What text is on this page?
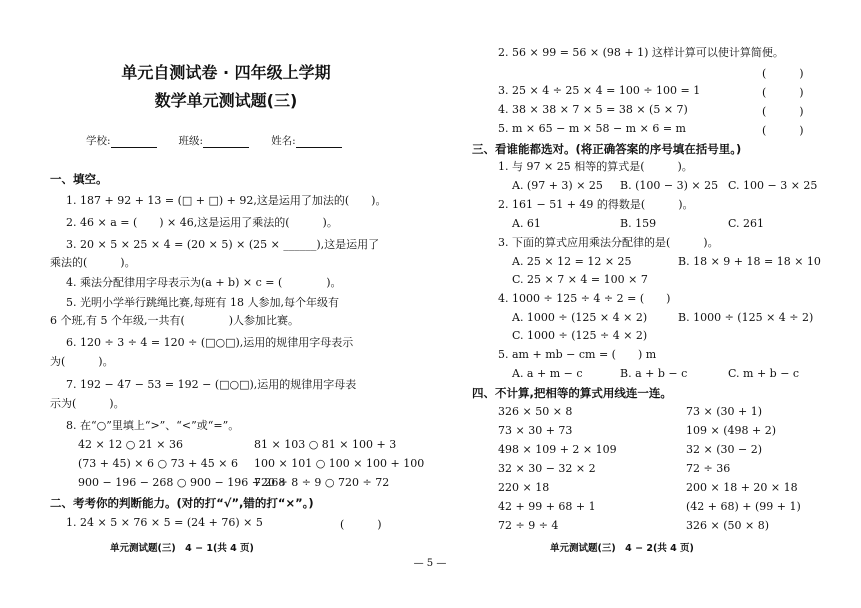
单元自测试卷 · 四年级上学期
数学单元测试题(三)
学校:	班级:	姓名:
一、填空。
1. 187 + 92 + 13 = (□ + □) + 92,这是运用了加法的(　　)。
2. 46 × a = (　　) × 46,这是运用了乘法的(　　　)。
3. 20 × 5 × 25 × 4 = (20 × 5) × (25 × ______),这是运用了
乘法的(　　　)。
4. 乘法分配律用字母表示为(a + b) × c = (　　　　)。
5. 光明小学举行跳绳比赛,每班有 18 人参加,每个年级有
6 个班,有 5 个年级,一共有(　　　　)人参加比赛。
6. 120 ÷ 3 ÷ 4 = 120 ÷ (□○□),运用的规律用字母表示
为(　　　)。
7. 192 − 47 − 53 = 192 − (□○□),运用的规律用字母表
示为(　　　)。
8. 在“○”里填上“>”、“<”或“=”。
42 × 12 ○ 21 × 36	81 × 103 ○ 81 × 100 + 3
(73 + 45) × 6 ○ 73 + 45 × 6 100 × 101 ○ 100 × 100 + 100
900 − 196 − 268 ○ 900 − 196 + 268
720 ÷ 8 ÷ 9 ○ 720 ÷ 72
二、考考你的判断能力。(对的打“√”,错的打“×”。)
1. 24 × 5 × 76 × 5 = (24 + 76) × 5	(　　　)
单元测试题(三)　4 − 1(共 4 页)
— 5 —
2. 56 × 99 = 56 × (98 + 1) 这样计算可以使计算简便。
(　　　)
3. 25 × 4 ÷ 25 × 4 = 100 ÷ 100 = 1	(　　　)
4. 38 × 38 × 7 × 5 = 38 × (5 × 7)	(　　　)
5. m × 65 − m × 58 − m × 6 = m	(　　　)
三、看谁能都选对。(将正确答案的序号填在括号里。)
1. 与 97 × 25 相等的算式是(　　　)。
A. (97 + 3) × 25 B. (100 − 3) × 25 C. 100 − 3 × 25
2. 161 − 51 + 49 的得数是(　　　)。
A. 61	B. 159	C. 261
3. 下面的算式应用乘法分配律的是(　　　)。
A. 25 × 12 = 12 × 25	B. 18 × 9 + 18 = 18 × 10
C. 25 × 7 × 4 = 100 × 7
4. 1000 ÷ 125 ÷ 4 ÷ 2 = (　　)
A. 1000 ÷ (125 × 4 × 2)	B. 1000 ÷ (125 × 4 ÷ 2)
C. 1000 ÷ (125 ÷ 4 × 2)
5. am + mb − cm = (　　) m
A. a + m − c	B. a + b − c	C. m + b − c
四、不计算,把相等的算式用线连一连。
326 × 50 × 8	73 × (30 + 1)
73 × 30 + 73	109 × (498 + 2)
498 × 109 + 2 × 109	32 × (30 − 2)
32 × 30 − 32 × 2	72 ÷ 36
220 × 18	200 × 18 + 20 × 18
42 + 99 + 68 + 1	(42 + 68) + (99 + 1)
72 ÷ 9 ÷ 4	326 × (50 × 8)
单元测试题(三)　4 − 2(共 4 页)
